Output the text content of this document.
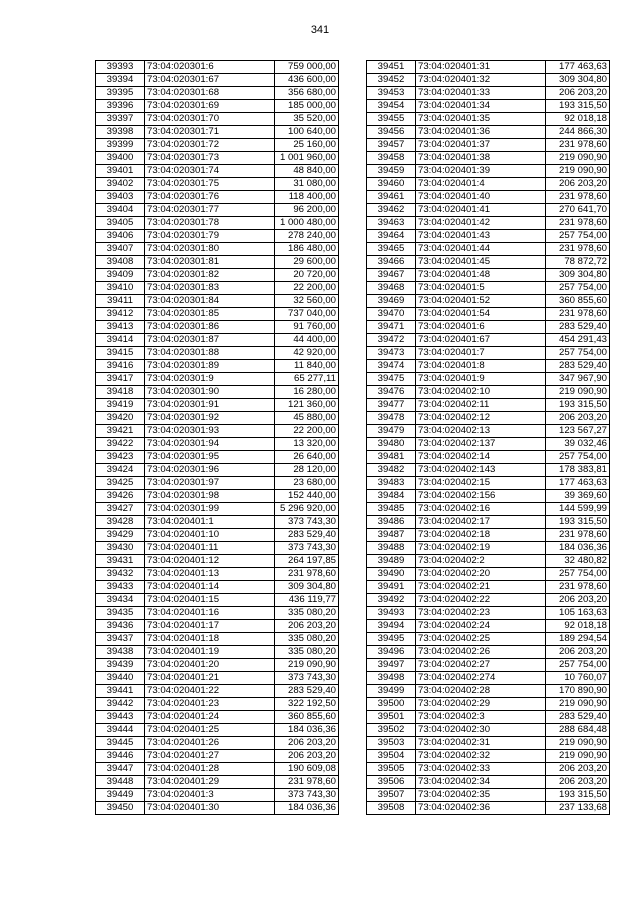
341
39393	73:04:020301:6	759 000,00
39394	73:04:020301:67	436 600,00
39395	73:04:020301:68	356 680,00
39396	73:04:020301:69	185 000,00
39397	73:04:020301:70	35 520,00
39398	73:04:020301:71	100 640,00
39399	73:04:020301:72	25 160,00
39400	73:04:020301:73	1 001 960,00
39401	73:04:020301:74	48 840,00
39402	73:04:020301:75	31 080,00
39403	73:04:020301:76	118 400,00
39404	73:04:020301:77	96 200,00
39405	73:04:020301:78	1 000 480,00
39406	73:04:020301:79	278 240,00
39407	73:04:020301:80	186 480,00
39408	73:04:020301:81	29 600,00
39409	73:04:020301:82	20 720,00
39410	73:04:020301:83	22 200,00
39411	73:04:020301:84	32 560,00
39412	73:04:020301:85	737 040,00
39413	73:04:020301:86	91 760,00
39414	73:04:020301:87	44 400,00
39415	73:04:020301:88	42 920,00
39416	73:04:020301:89	11 840,00
39417	73:04:020301:9	65 277,11
39418	73:04:020301:90	16 280,00
39419	73:04:020301:91	121 360,00
39420	73:04:020301:92	45 880,00
39421	73:04:020301:93	22 200,00
39422	73:04:020301:94	13 320,00
39423	73:04:020301:95	26 640,00
39424	73:04:020301:96	28 120,00
39425	73:04:020301:97	23 680,00
39426	73:04:020301:98	152 440,00
39427	73:04:020301:99	5 296 920,00
39428	73:04:020401:1	373 743,30
39429	73:04:020401:10	283 529,40
39430	73:04:020401:11	373 743,30
39431	73:04:020401:12	264 197,85
39432	73:04:020401:13	231 978,60
39433	73:04:020401:14	309 304,80
39434	73:04:020401:15	436 119,77
39435	73:04:020401:16	335 080,20
39436	73:04:020401:17	206 203,20
39437	73:04:020401:18	335 080,20
39438	73:04:020401:19	335 080,20
39439	73:04:020401:20	219 090,90
39440	73:04:020401:21	373 743,30
39441	73:04:020401:22	283 529,40
39442	73:04:020401:23	322 192,50
39443	73:04:020401:24	360 855,60
39444	73:04:020401:25	184 036,36
39445	73:04:020401:26	206 203,20
39446	73:04:020401:27	206 203,20
39447	73:04:020401:28	190 609,08
39448	73:04:020401:29	231 978,60
39449	73:04:020401:3	373 743,30
39450	73:04:020401:30	184 036,36
39451	73:04:020401:31	177 463,63
39452	73:04:020401:32	309 304,80
39453	73:04:020401:33	206 203,20
39454	73:04:020401:34	193 315,50
39455	73:04:020401:35	92 018,18
39456	73:04:020401:36	244 866,30
39457	73:04:020401:37	231 978,60
39458	73:04:020401:38	219 090,90
39459	73:04:020401:39	219 090,90
39460	73:04:020401:4	206 203,20
39461	73:04:020401:40	231 978,60
39462	73:04:020401:41	270 641,70
39463	73:04:020401:42	231 978,60
39464	73:04:020401:43	257 754,00
39465	73:04:020401:44	231 978,60
39466	73:04:020401:45	78 872,72
39467	73:04:020401:48	309 304,80
39468	73:04:020401:5	257 754,00
39469	73:04:020401:52	360 855,60
39470	73:04:020401:54	231 978,60
39471	73:04:020401:6	283 529,40
39472	73:04:020401:67	454 291,43
39473	73:04:020401:7	257 754,00
39474	73:04:020401:8	283 529,40
39475	73:04:020401:9	347 967,90
39476	73:04:020402:10	219 090,90
39477	73:04:020402:11	193 315,50
39478	73:04:020402:12	206 203,20
39479	73:04:020402:13	123 567,27
39480	73:04:020402:137	39 032,46
39481	73:04:020402:14	257 754,00
39482	73:04:020402:143	178 383,81
39483	73:04:020402:15	177 463,63
39484	73:04:020402:156	39 369,60
39485	73:04:020402:16	144 599,99
39486	73:04:020402:17	193 315,50
39487	73:04:020402:18	231 978,60
39488	73:04:020402:19	184 036,36
39489	73:04:020402:2	32 480,82
39490	73:04:020402:20	257 754,00
39491	73:04:020402:21	231 978,60
39492	73:04:020402:22	206 203,20
39493	73:04:020402:23	105 163,63
39494	73:04:020402:24	92 018,18
39495	73:04:020402:25	189 294,54
39496	73:04:020402:26	206 203,20
39497	73:04:020402:27	257 754,00
39498	73:04:020402:274	10 760,07
39499	73:04:020402:28	170 890,90
39500	73:04:020402:29	219 090,90
39501	73:04:020402:3	283 529,40
39502	73:04:020402:30	288 684,48
39503	73:04:020402:31	219 090,90
39504	73:04:020402:32	219 090,90
39505	73:04:020402:33	206 203,20
39506	73:04:020402:34	206 203,20
39507	73:04:020402:35	193 315,50
39508	73:04:020402:36	237 133,68
